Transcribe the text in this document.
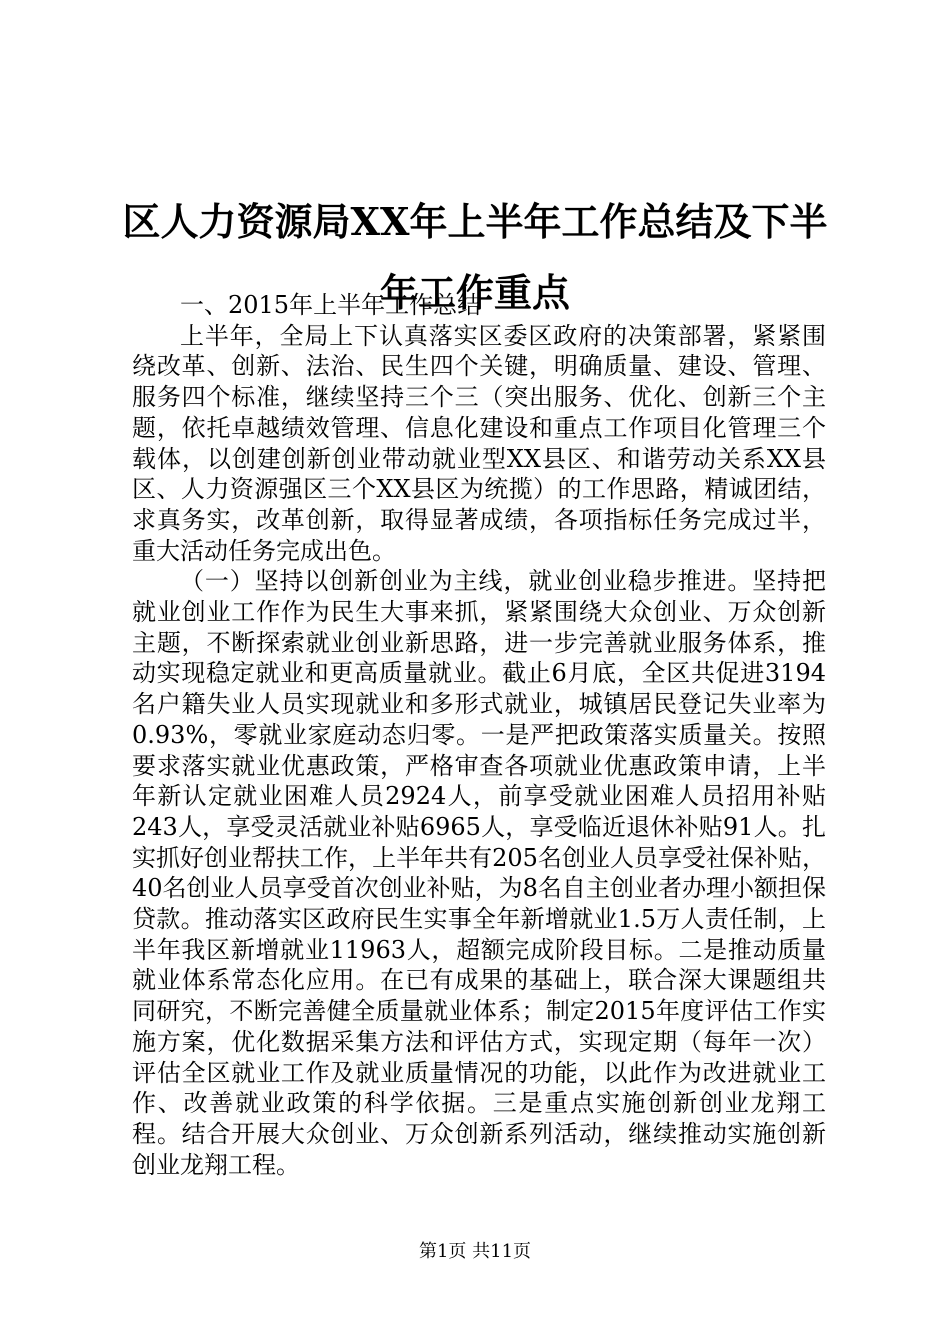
区人力资源局XX年上半年工作总结及下半年工作重点

一、2015年上半年工作总结

上半年，全局上下认真落实区委区政府的决策部署，紧紧围绕改革、创新、法治、民生四个关键，明确质量、建设、管理、服务四个标准，继续坚持三个三（突出服务、优化、创新三个主题，依托卓越绩效管理、信息化建设和重点工作项目化管理三个载体，以创建创新创业带动就业型XX县区、和谐劳动关系XX县区、人力资源强区三个XX县区为统揽）的工作思路，精诚团结，求真务实，改革创新，取得显著成绩，各项指标任务完成过半，重大活动任务完成出色。

（一）坚持以创新创业为主线，就业创业稳步推进。坚持把就业创业工作作为民生大事来抓，紧紧围绕大众创业、万众创新主题，不断探索就业创业新思路，进一步完善就业服务体系，推动实现稳定就业和更高质量就业。截止6月底，全区共促进3194名户籍失业人员实现就业和多形式就业，城镇居民登记失业率为0.93%，零就业家庭动态归零。一是严把政策落实质量关。按照要求落实就业优惠政策，严格审查各项就业优惠政策申请，上半年新认定就业困难人员2924人，前享受就业困难人员招用补贴243人，享受灵活就业补贴6965人，享受临近退休补贴91人。扎实抓好创业帮扶工作，上半年共有205名创业人员享受社保补贴，40名创业人员享受首次创业补贴，为8名自主创业者办理小额担保贷款。推动落实区政府民生实事全年新增就业1.5万人责任制，上半年我区新增就业11963人，超额完成阶段目标。二是推动质量就业体系常态化应用。在已有成果的基础上，联合深大课题组共同研究，不断完善健全质量就业体系；制定2015年度评估工作实施方案，优化数据采集方法和评估方式，实现定期（每年一次）评估全区就业工作及就业质量情况的功能，以此作为改进就业工作、改善就业政策的科学依据。三是重点实施创新创业龙翔工程。结合开展大众创业、万众创新系列活动，继续推动实施创新创业龙翔工程。

第1页 共11页
